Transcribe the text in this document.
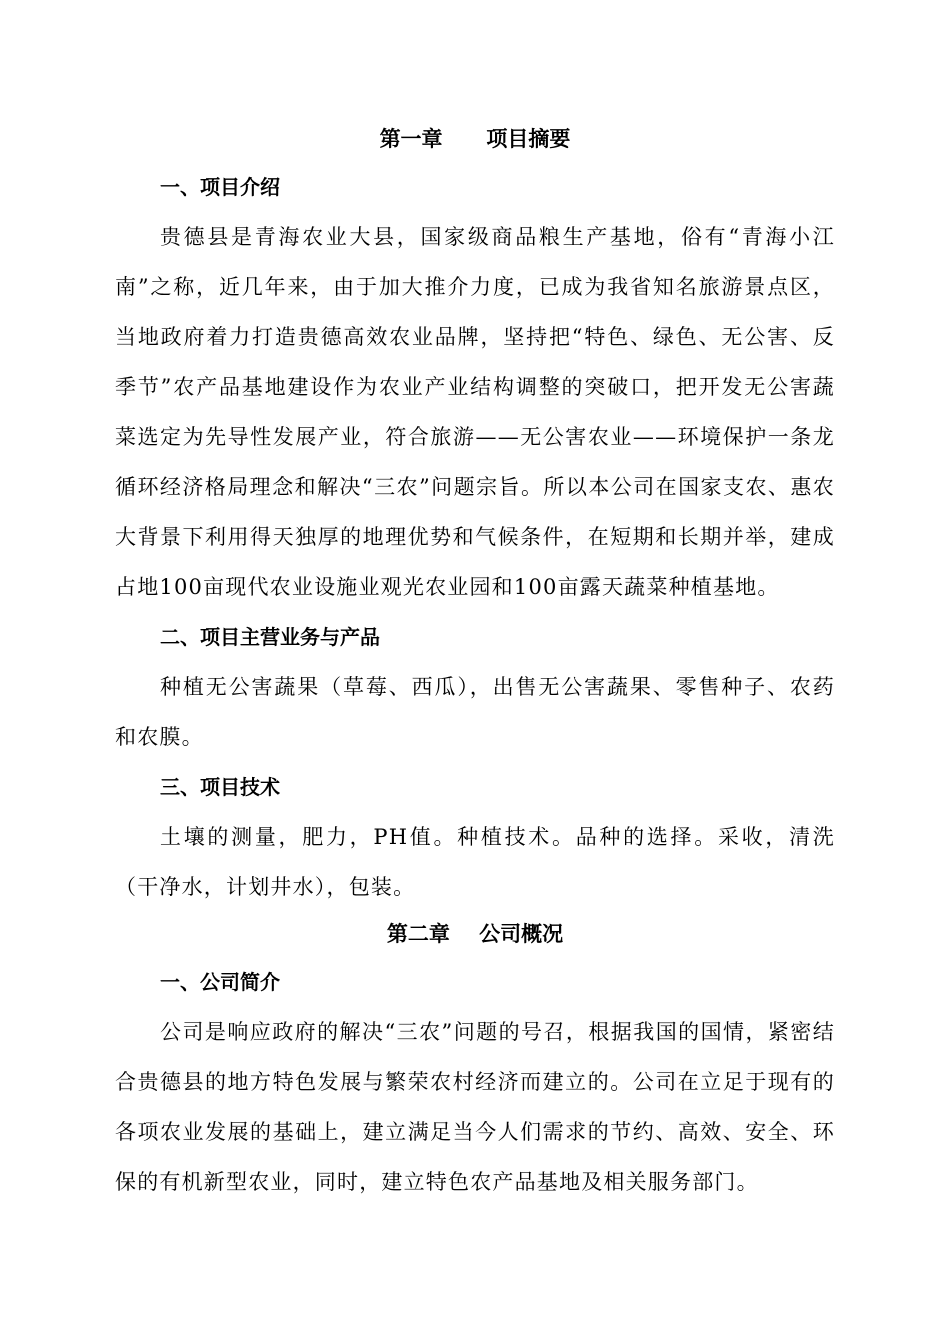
第一章      项目摘要
一、项目介绍

贵德县是青海农业大县，国家级商品粮生产基地，俗有“青海小江南”之称，近几年来，由于加大推介力度，已成为我省知名旅游景点区，当地政府着力打造贵德高效农业品牌，坚持把“特色、绿色、无公害、反季节”农产品基地建设作为农业产业结构调整的突破口，把开发无公害蔬菜选定为先导性发展产业，符合旅游——无公害农业——环境保护一条龙循环经济格局理念和解决“三农”问题宗旨。所以本公司在国家支农、惠农大背景下利用得天独厚的地理优势和气候条件，在短期和长期并举，建成占地100亩现代农业设施业观光农业园和100亩露天蔬菜种植基地。

二、项目主营业务与产品

种植无公害蔬果（草莓、西瓜），出售无公害蔬果、零售种子、农药和农膜。

三、项目技术

土壤的测量，肥力，PH值。种植技术。品种的选择。采收，清洗（干净水，计划井水），包装。

第二章    公司概况
一、公司简介

公司是响应政府的解决“三农”问题的号召，根据我国的国情，紧密结合贵德县的地方特色发展与繁荣农村经济而建立的。公司在立足于现有的各项农业发展的基础上，建立满足当今人们需求的节约、高效、安全、环保的有机新型农业，同时，建立特色农产品基地及相关服务部门。
